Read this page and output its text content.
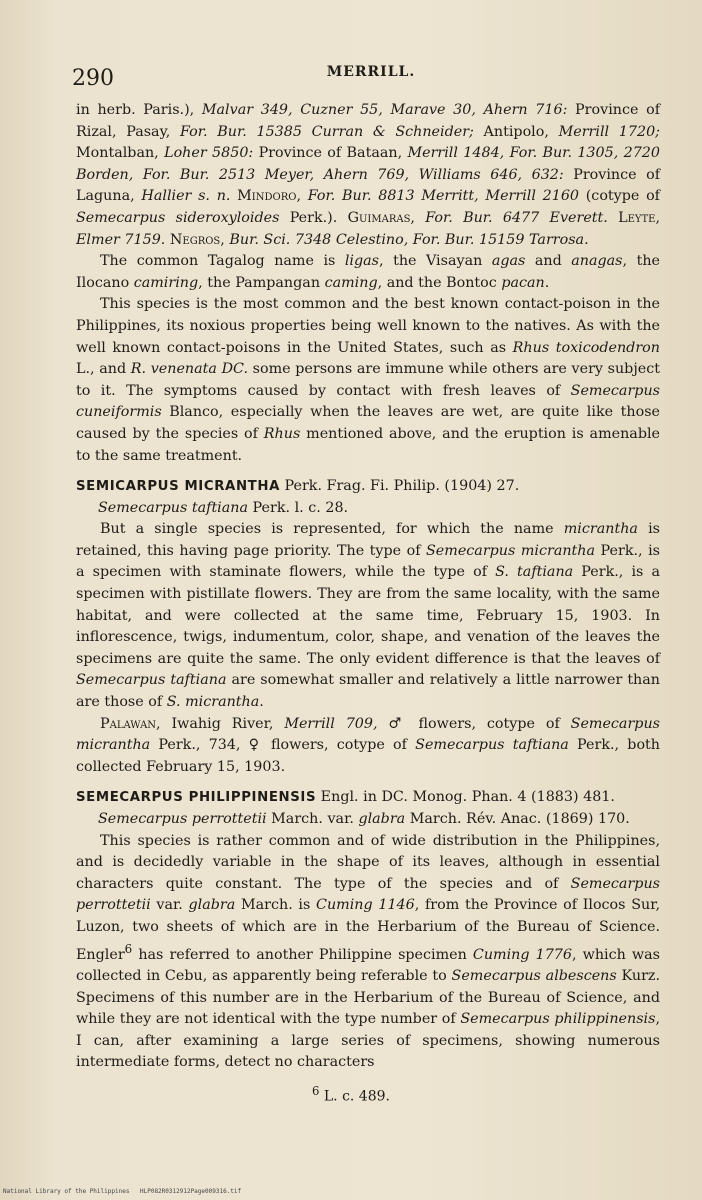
290	MERRILL.

in herb. Paris.), Malvar 349, Cuzner 55, Marave 30, Ahern 716: Province of Rizal, Pasay, For. Bur. 15385 Curran & Schneider; Antipolo, Merrill 1720; Montalban, Loher 5850: Province of Bataan, Merrill 1484, For. Bur. 1305, 2720 Borden, For. Bur. 2513 Meyer, Ahern 769, Williams 646, 632: Province of Laguna, Hallier s. n. Mindoro, For. Bur. 8813 Merritt, Merrill 2160 (cotype of Semecarpus sideroxyloides Perk.). Guimaras, For. Bur. 6477 Everett. Leyte, Elmer 7159. Negros, Bur. Sci. 7348 Celestino, For. Bur. 15159 Tarrosa.

The common Tagalog name is ligas, the Visayan agas and anagas, the Ilocano camiring, the Pampangan caming, and the Bontoc pacan.

This species is the most common and the best known contact-poison in the Philippines, its noxious properties being well known to the natives. As with the well known contact-poisons in the United States, such as Rhus toxicodendron L., and R. venenata DC. some persons are immune while others are very subject to it. The symptoms caused by contact with fresh leaves of Semecarpus cuneiformis Blanco, especially when the leaves are wet, are quite like those caused by the species of Rhus mentioned above, and the eruption is amenable to the same treatment.

SEMICARPUS MICRANTHA Perk. Frag. Fi. Philip. (1904) 27.

Semecarpus taftiana Perk. l. c. 28.

But a single species is represented, for which the name micrantha is retained, this having page priority. The type of Semecarpus micrantha Perk., is a specimen with staminate flowers, while the type of S. taftiana Perk., is a specimen with pistillate flowers. They are from the same locality, with the same habitat, and were collected at the same time, February 15, 1903. In inflorescence, twigs, indumentum, color, shape, and venation of the leaves the specimens are quite the same. The only evident difference is that the leaves of Semecarpus taftiana are somewhat smaller and relatively a little narrower than are those of S. micrantha.

Palawan, Iwahig River, Merrill 709, ♂ flowers, cotype of Semecarpus micrantha Perk., 734, ♀ flowers, cotype of Semecarpus taftiana Perk., both collected February 15, 1903.

SEMECARPUS PHILIPPINENSIS Engl. in DC. Monog. Phan. 4 (1883) 481.

Semecarpus perrottetii March. var. glabra March. Rév. Anac. (1869) 170.

This species is rather common and of wide distribution in the Philippines, and is decidedly variable in the shape of its leaves, although in essential characters quite constant. The type of the species and of Semecarpus perrottetii var. glabra March. is Cuming 1146, from the Province of Ilocos Sur, Luzon, two sheets of which are in the Herbarium of the Bureau of Science. Engler$^6$ has referred to another Philippine specimen Cuming 1776, which was collected in Cebu, as apparently being referable to Semecarpus albescens Kurz. Specimens of this number are in the Herbarium of the Bureau of Science, and while they are not identical with the type number of Semecarpus philippinensis, I can, after examining a large series of specimens, showing numerous intermediate forms, detect no characters

$^6$ L. c. 489.
National Library of the Philippines HLP082R0312912Page009316.tif
